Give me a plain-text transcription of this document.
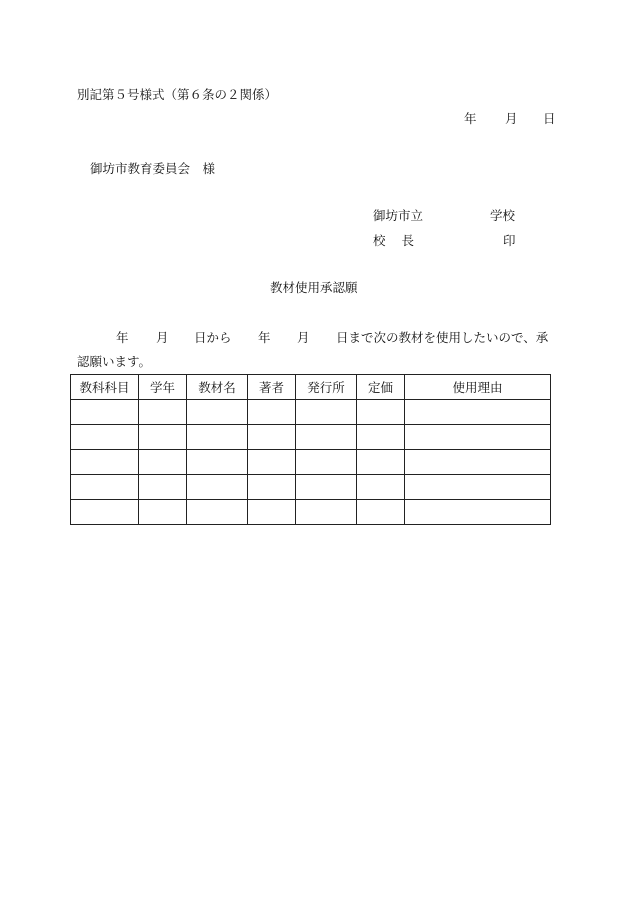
別記第５号様式（第６条の２関係）
年 月 日
御坊市教育委員会　様
御坊市立	学校
校 長	印
教材使用承認願
年 月 日から 年 月 日まで次の教材を使用したいので、承
認願います。
教科科目	学年	教材名	著者	発行所	定価	使用理由
